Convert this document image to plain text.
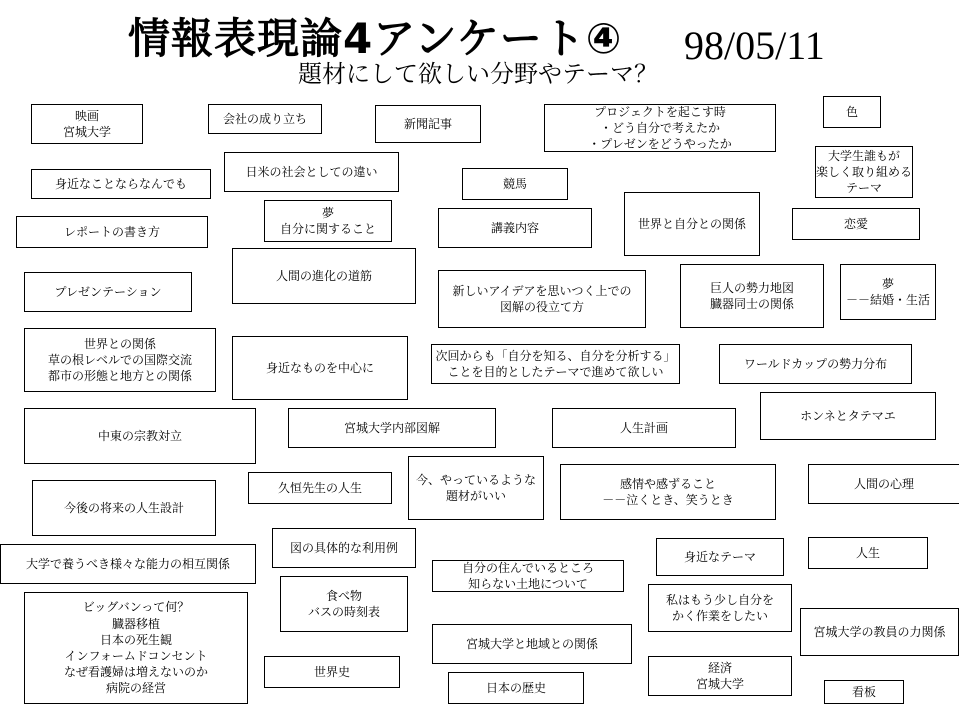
情報表現論4アンケート④ 98/05/11
題材にして欲しい分野やテーマ？
映画
宮城大学
会社の成り立ち	新聞記事
プロジェクトを起こす時
・どう自分で考えたか
・プレゼンをどうやったか
色
日米の社会としての違い
大学生誰もが
楽しく取り組める
テーマ
身近なことならなんでも	競馬
夢
自分に関すること
レポートの書き方	講義内容	世界と自分との関係	恋愛
人間の進化の道筋
巨人の勢力地図
臓器同士の関係
夢
－－結婚・生活
プレゼンテーション	新しいアイデアを思いつく上での
図解の役立て方
世界との関係
草の根レベルでの国際交流
都市の形態と地方との関係
身近なものを中心に
次回からも「自分を知る、自分を分析する」
ことを目的としたテーマで進めて欲しい
ワールドカップの勢力分布
ホンネとタテマエ
中東の宗教対立
宮城大学内部図解	人生計画
久恒先生の人生
今、やっているような
題材がいい
感情や感ずること
－－泣くとき、笑うとき
人間の心理
今後の将来の人生設計
図の具体的な利用例
身近なテーマ	人生
大学で養うべき様々な能力の相互関係	自分の住んでいるところ
知らない土地について
食べ物
バスの時刻表
私はもう少し自分を
かく作業をしたい
ビッグバンって何？
臓器移植
日本の死生観
インフォームドコンセント
なぜ看護婦は増えないのか
病院の経営
宮城大学の教員の力関係
宮城大学と地域との関係
世界史	経済
宮城大学
日本の歴史	看板
